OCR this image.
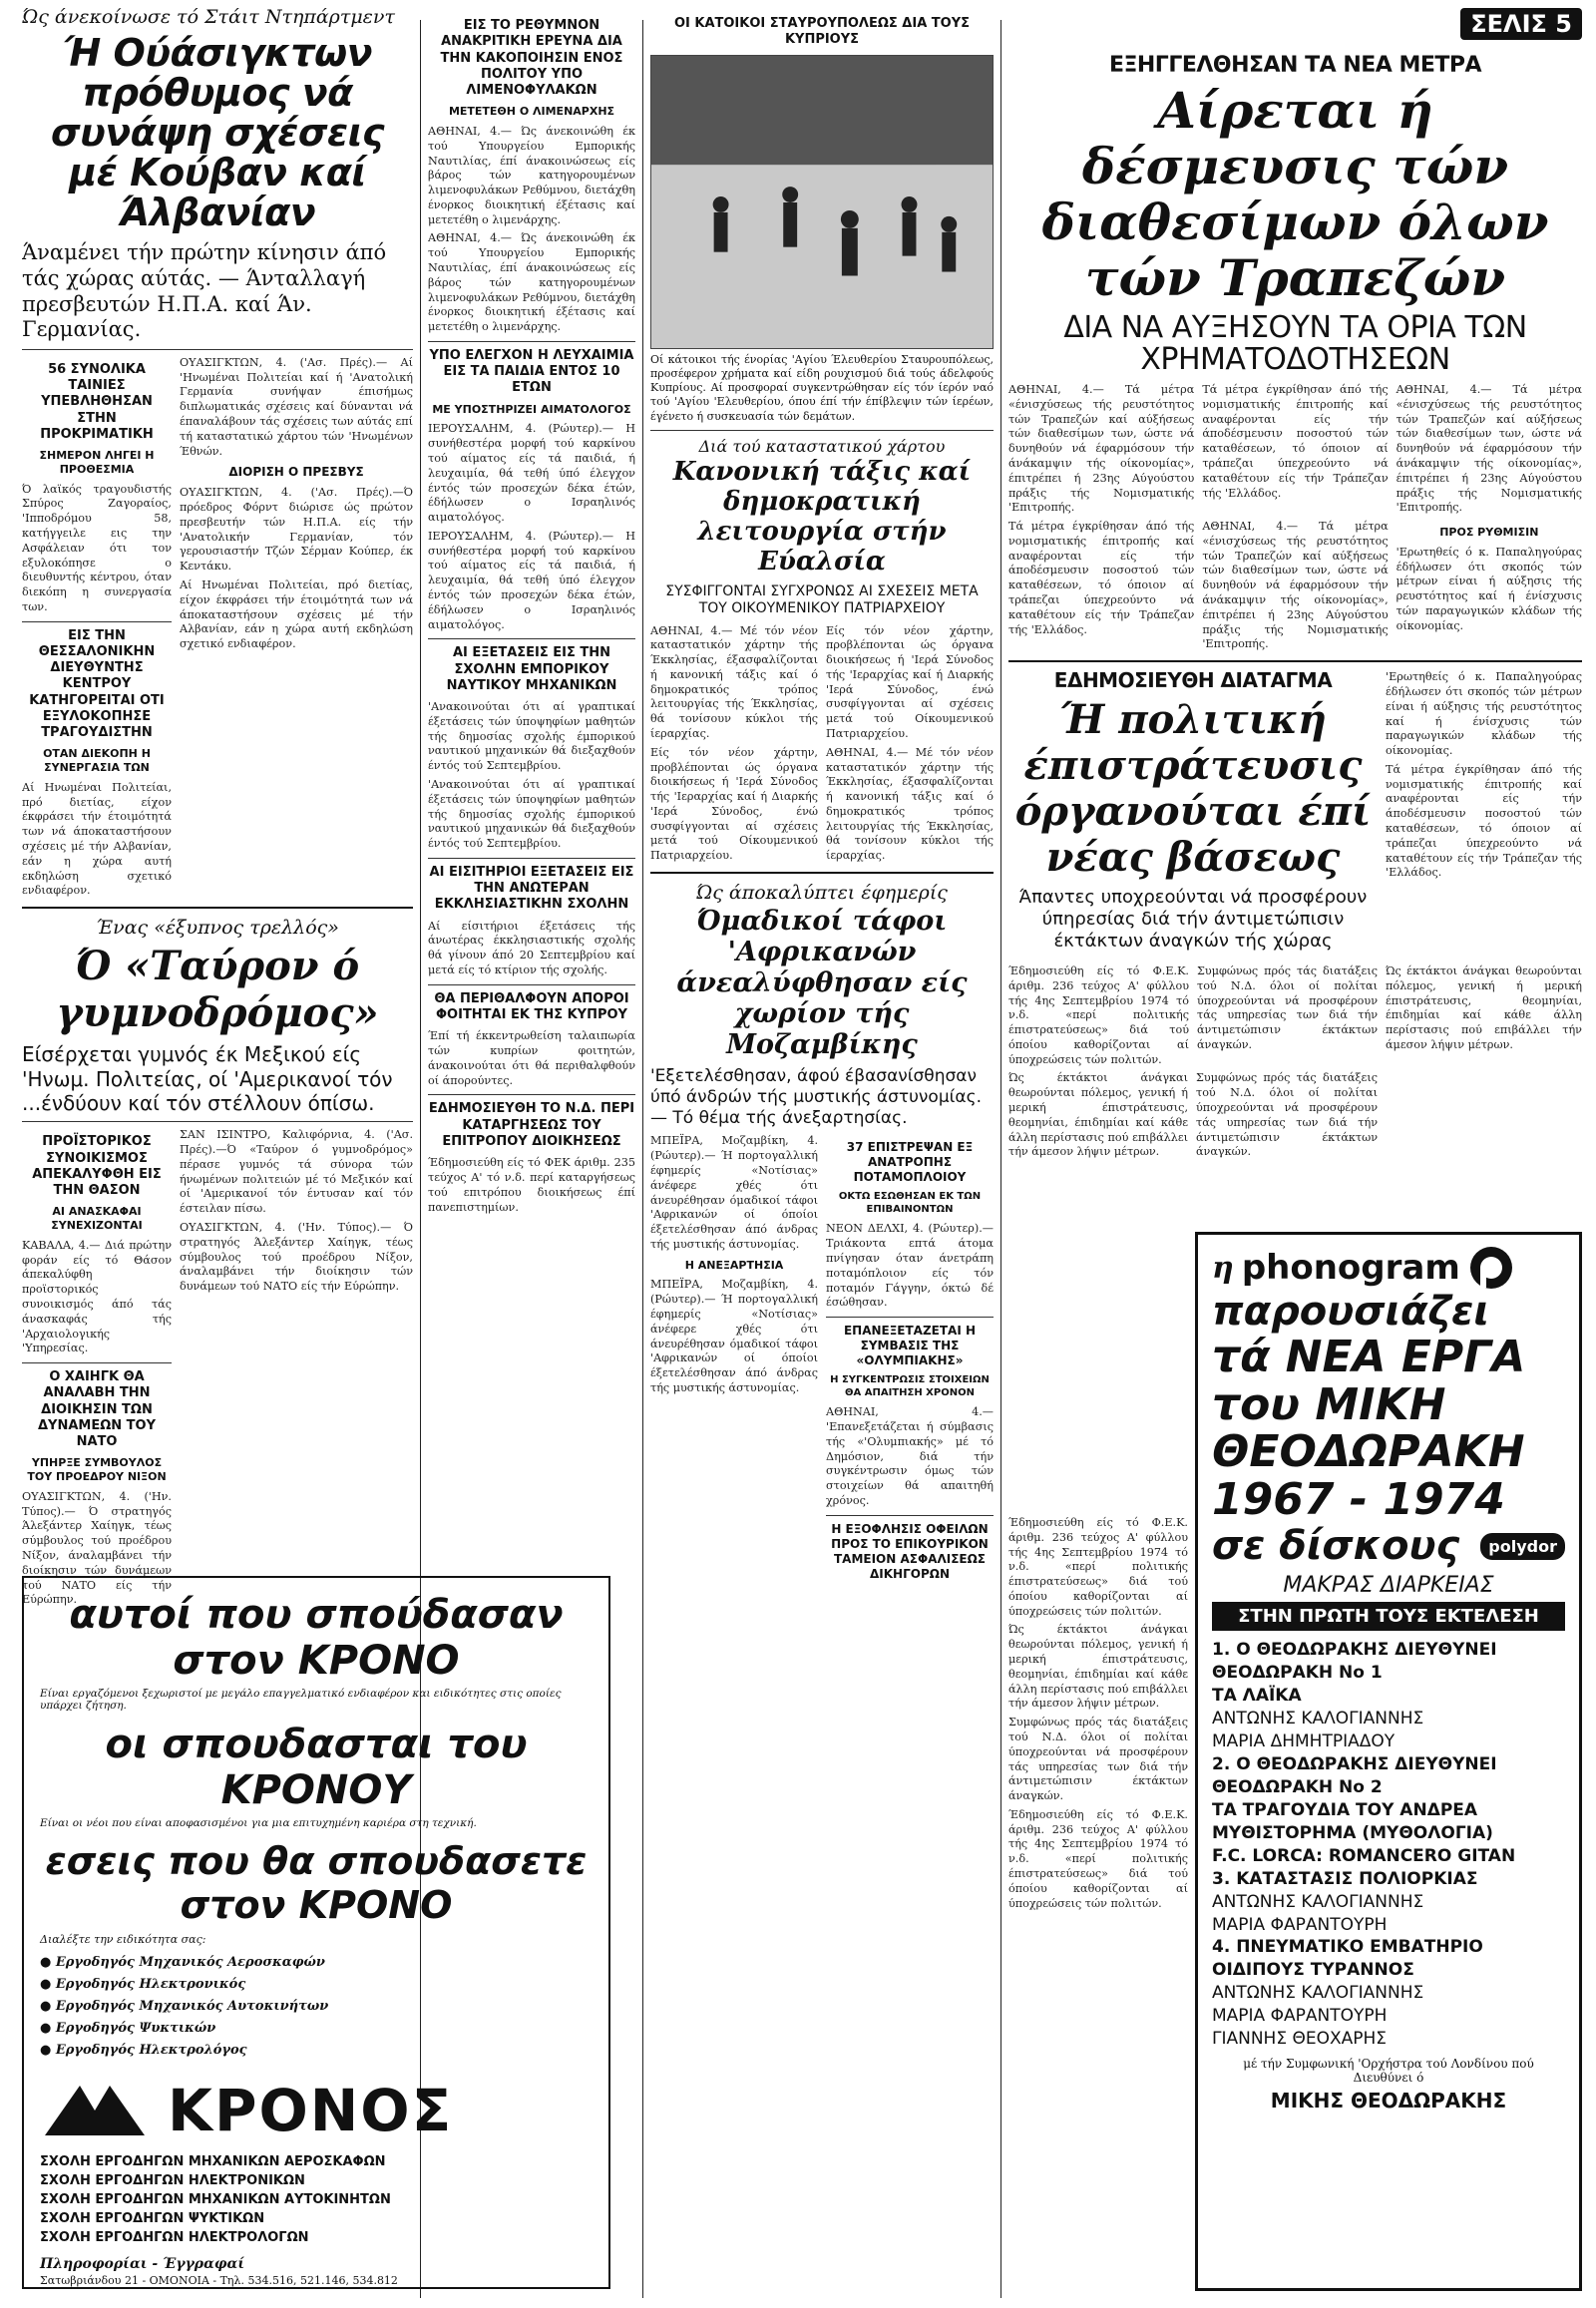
Ώς άνεκοίνωσε τό Στάιτ Ντηπάρτμεντ
Ή Ούάσιγκτων πρόθυμος νά συνάψη σχέσεις μέ Κούβαν καί Άλβανίαν
Άναμένει τήν πρώτην κίνησιν άπό τάς χώρας αύτάς. — Άνταλλαγή πρεσβευτών Η.Π.Α. καί Άν. Γερμανίας.
56 ΣΥΝΟΛΙΚΑ ΤΑΙΝΙΕΣ ΥΠΕΒΛΗΘΗΣΑΝ ΣΤΗΝ ΠΡΟΚΡΙΜΑΤΙΚΗ
ΣΗΜΕΡΟΝ ΛΗΓΕΙ Η ΠΡΟΘΕΣΜΙΑ
Ό λαϊκός τραγουδιστής Σπύρος Ζαγοραίος, 'Ιπποδρόμου 58, κατήγγειλε εις την Ασφάλειαν ότι τον εξυλοκόπησε ο διευθυντής κέντρου, όταν διεκόπη η συνεργασία των.
ΕΙΣ ΤΗΝ ΘΕΣΣΑΛΟΝΙΚΗΝ ΔΙΕΥΘΥΝΤΗΣ ΚΕΝΤΡΟΥ ΚΑΤΗΓΟΡΕΙΤΑΙ ΟΤΙ ΕΞΥΛΟΚΟΠΗΣΕ ΤΡΑΓΟΥΔΙΣΤΗΝ
ΟΤΑΝ ΔΙΕΚΟΠΗ Η ΣΥΝΕΡΓΑΣΙΑ ΤΩΝ
Αί Ηνωμέναι Πολιτείαι, πρό διετίας, είχον έκφράσει τήν έτοιμότητά των νά άποκαταστήσουν σχέσεις μέ τήν Αλβανίαν, εάν η χώρα αυτή εκδηλώση σχετικό ενδιαφέρον.
ΟΥΑΣΙΓΚΤΩΝ, 4. ('Ασ. Πρές).— Αί 'Ηνωμέναι Πολιτείαι καί ή 'Ανατολική Γερμανία συνήψαν έπισήμως διπλωματικάς σχέσεις καί δύνανται νά έπαναλάβουν τάς σχέσεις των αύτάς επί τή καταστατικώ χάρτου τών 'Ηνωμένων Έθνών.
ΔΙΟΡΙΣΗ Ο ΠΡΕΣΒΥΣ
ΟΥΑΣΙΓΚΤΩΝ, 4. ('Ασ. Πρές).—Ό πρόεδρος Φόρντ διώρισε ώς πρώτον πρεσβευτήν τών Η.Π.Α. είς τήν 'Ανατολικήν Γερμανίαν, τόν γερουσιαστήν Τζών Σέρμαν Κούπερ, έκ Κεντάκυ.
Αί Ηνωμέναι Πολιτείαι, πρό διετίας, είχον έκφράσει τήν έτοιμότητά των νά άποκαταστήσουν σχέσεις μέ τήν Αλβανίαν, εάν η χώρα αυτή εκδηλώση σχετικό ενδιαφέρον.
Ένας «έξυπνος τρελλός»
Ό «Ταύρον ό γυμνοδρόμος»
Είσέρχεται γυμνός έκ Μεξικού είς 'Ηνωμ. Πολιτείας, οί 'Αμερικανοί τόν ...ένδύουν καί τόν στέλλουν όπίσω.
ΠΡΟΪΣΤΟΡΙΚΟΣ ΣΥΝΟΙΚΙΣΜΟΣ ΑΠΕΚΑΛΥΦΘΗ ΕΙΣ ΤΗΝ ΘΑΣΟΝ
ΑΙ ΑΝΑΣΚΑΦΑΙ ΣΥΝΕΧΙΖΟΝΤΑΙ
ΚΑΒΑΛΑ, 4.— Διά πρώτην φοράν είς τό Θάσον άπεκαλύφθη προϊστορικός συνοικισμός άπό τάς άνασκαφάς τής 'Αρχαιολογικής 'Υπηρεσίας.
Ο ΧΑΙΗΓΚ ΘΑ ΑΝΑΛΑΒΗ ΤΗΝ ΔΙΟΙΚΗΣΙΝ ΤΩΝ ΔΥΝΑΜΕΩΝ ΤΟΥ ΝΑΤΟ
ΥΠΗΡΞΕ ΣΥΜΒΟΥΛΟΣ ΤΟΥ ΠΡΟΕΔΡΟΥ ΝΙΞΟΝ
ΟΥΑΣΙΓΚΤΩΝ, 4. ('Ην. Τύπος).— Ό στρατηγός Άλεξάντερ Χαίηγκ, τέως σύμβουλος τού προέδρου Νίξον, άναλαμβάνει τήν διοίκησιν τών δυνάμεων τού ΝΑΤΟ είς τήν Εύρώπην.
ΣΑΝ ΙΣΙΝΤΡΟ, Καλιφόρνια, 4. ('Ασ. Πρές).—Ό «Ταύρον ό γυμνοδρόμος» πέρασε γυμνός τά σύνορα τών ήνωμένων πολιτειών μέ τό Μεξικόν καί οί 'Αμερικανοί τόν έντυσαν καί τόν έστειλαν πίσω.
ΟΥΑΣΙΓΚΤΩΝ, 4. ('Ην. Τύπος).— Ό στρατηγός Άλεξάντερ Χαίηγκ, τέως σύμβουλος τού προέδρου Νίξον, άναλαμβάνει τήν διοίκησιν τών δυνάμεων τού ΝΑΤΟ είς τήν Εύρώπην.
ΕΙΣ ΤΟ ΡΕΘΥΜΝΟΝ ΑΝΑΚΡΙΤΙΚΗ ΕΡΕΥΝΑ ΔΙΑ ΤΗΝ ΚΑΚΟΠΟΙΗΣΙΝ ΕΝΟΣ ΠΟΛΙΤΟΥ ΥΠΟ ΛΙΜΕΝΟΦΥΛΑΚΩΝ
ΜΕΤΕΤΕΘΗ Ο ΛΙΜΕΝΑΡΧΗΣ
ΑΘΗΝΑΙ, 4.— Ώς άνεκοινώθη έκ τού Υπουργείου Εμπορικής Ναυτιλίας, έπί άνακοινώσεως είς βάρος τών κατηγορουμένων λιμενοφυλάκων Ρεθύμνου, διετάχθη ένορκος διοικητική έξέτασις καί μετετέθη ο λιμενάρχης.
ΑΘΗΝΑΙ, 4.— Ώς άνεκοινώθη έκ τού Υπουργείου Εμπορικής Ναυτιλίας, έπί άνακοινώσεως είς βάρος τών κατηγορουμένων λιμενοφυλάκων Ρεθύμνου, διετάχθη ένορκος διοικητική έξέτασις καί μετετέθη ο λιμενάρχης.
ΥΠΟ ΕΛΕΓΧΟΝ Η ΛΕΥΧΑΙΜΙΑ ΕΙΣ ΤΑ ΠΑΙΔΙΑ ΕΝΤΟΣ 10 ΕΤΩΝ
ΜΕ ΥΠΟΣΤΗΡΙΖΕΙ ΑΙΜΑΤΟΛΟΓΟΣ
ΙΕΡΟΥΣΑΛΗΜ, 4. (Ρώυτερ).— Η συνήθεστέρα μορφή τού καρκίνου τού αίματος είς τά παιδιά, ή λευχαιμία, θά τεθή ύπό έλεγχον έντός τών προσεχών δέκα έτών, έδήλωσεν ο Ισραηλινός αιματολόγος.
ΙΕΡΟΥΣΑΛΗΜ, 4. (Ρώυτερ).— Η συνήθεστέρα μορφή τού καρκίνου τού αίματος είς τά παιδιά, ή λευχαιμία, θά τεθή ύπό έλεγχον έντός τών προσεχών δέκα έτών, έδήλωσεν ο Ισραηλινός αιματολόγος.
ΑΙ ΕΞΕΤΑΣΕΙΣ ΕΙΣ ΤΗΝ ΣΧΟΛΗΝ ΕΜΠΟΡΙΚΟΥ ΝΑΥΤΙΚΟΥ ΜΗΧΑΝΙΚΩΝ
'Ανακοινούται ότι αί γραπτικαί έξετάσεις τών ύποψηφίων μαθητών τής δημοσίας σχολής έμπορικού ναυτικού μηχανικών θά διεξαχθούν έντός τού Σεπτεμβρίου.
'Ανακοινούται ότι αί γραπτικαί έξετάσεις τών ύποψηφίων μαθητών τής δημοσίας σχολής έμπορικού ναυτικού μηχανικών θά διεξαχθούν έντός τού Σεπτεμβρίου.
ΑΙ ΕΙΣΙΤΗΡΙΟΙ ΕΞΕΤΑΣΕΙΣ ΕΙΣ ΤΗΝ ΑΝΩΤΕΡΑΝ ΕΚΚΛΗΣΙΑΣΤΙΚΗΝ ΣΧΟΛΗΝ
Αί είσιτήριοι έξετάσεις τής άνωτέρας έκκλησιαστικής σχολής θά γίνουν άπό 20 Σεπτεμβρίου καί μετά είς τό κτίριον τής σχολής.
ΘΑ ΠΕΡΙΘΑΛΦΟΥΝ ΑΠΟΡΟΙ ΦΟΙΤΗΤΑΙ ΕΚ ΤΗΣ ΚΥΠΡΟΥ
Έπί τή έκκεντρωθείση ταλαιπωρία τών κυπρίων φοιτητών, άνακοινούται ότι θά περιθαλφθούν οί άπορούντες.
ΕΔΗΜΟΣΙΕΥΘΗ ΤΟ Ν.Δ. ΠΕΡΙ ΚΑΤΑΡΓΗΣΕΩΣ ΤΟΥ ΕΠΙΤΡΟΠΟΥ ΔΙΟΙΚΗΣΕΩΣ
Έδημοσιεύθη είς τό ΦΕΚ άριθμ. 235 τεύχος Α' τό ν.δ. περί καταργήσεως τού επιτρόπου διοικήσεως έπί πανεπιστημίων.
ΟΙ ΚΑΤΟΙΚΟΙ ΣΤΑΥΡΟΥΠΟΛΕΩΣ ΔΙΑ ΤΟΥΣ ΚΥΠΡΙΟΥΣ
Οί κάτοικοι τής ένορίας 'Αγίου Έλευθερίου Σταυρουπόλεως, προσέφερον χρήματα καί είδη ρουχισμού διά τούς άδελφούς Κυπρίους. Αί προσφοραί συγκεντρώθησαν είς τόν ίερόν ναό τού 'Αγίου 'Ελευθερίου, όπου έπί τήν έπίβλεψιν τών ίερέων, έγένετο ή συσκευασία τών δεμάτων.
Διά τού καταστατικού χάρτου
Κανονική τάξις καί δημοκρατική λειτουργία στήν Εύαλσία
ΣΥΣΦΙΓΓΟΝΤΑΙ ΣΥΓΧΡΟΝΩΣ ΑΙ ΣΧΕΣΕΙΣ ΜΕΤΑ ΤΟΥ ΟΙΚΟΥΜΕΝΙΚΟΥ ΠΑΤΡΙΑΡΧΕΙΟΥ
ΑΘΗΝΑΙ, 4.— Μέ τόν νέον καταστατικόν χάρτην τής Έκκλησίας, έξασφαλίζονται ή κανονική τάξις καί ό δημοκρατικός τρόπος λειτουργίας τής Έκκλησίας, θά τονίσουν κύκλοι τής ίεραρχίας.
Είς τόν νέον χάρτην, προβλέπονται ώς όργανα διοικήσεως ή 'Ιερά Σύνοδος τής 'Ιεραρχίας καί ή Διαρκής 'Ιερά Σύνοδος, ένώ συσφίγγονται αί σχέσεις μετά τού Οίκουμενικού Πατριαρχείου.
Είς τόν νέον χάρτην, προβλέπονται ώς όργανα διοικήσεως ή 'Ιερά Σύνοδος τής 'Ιεραρχίας καί ή Διαρκής 'Ιερά Σύνοδος, ένώ συσφίγγονται αί σχέσεις μετά τού Οίκουμενικού Πατριαρχείου.
ΑΘΗΝΑΙ, 4.— Μέ τόν νέον καταστατικόν χάρτην τής Έκκλησίας, έξασφαλίζονται ή κανονική τάξις καί ό δημοκρατικός τρόπος λειτουργίας τής Έκκλησίας, θά τονίσουν κύκλοι τής ίεραρχίας.
Ώς άποκαλύπτει έφημερίς
Όμαδικοί τάφοι 'Αφρικανών άνεαλύφθησαν είς χωρίον τής Μοζαμβίκης
'Εξετελέσθησαν, άφού έβασανίσθησαν ύπό άνδρών τής μυστικής άστυνομίας.— Τό θέμα τής άνεξαρτησίας.
ΜΠΕΪΡΑ, Μοζαμβίκη, 4. (Ρώυτερ).— Ή πορτογαλλική έφημερίς «Νοτίσιας» άνέφερε χθές ότι άνευρέθησαν όμαδικοί τάφοι 'Αφρικανών οί όποίοι έξετελέσθησαν άπό άνδρας τής μυστικής άστυνομίας.
Η ΑΝΕΞΑΡΤΗΣΙΑ
ΜΠΕΪΡΑ, Μοζαμβίκη, 4. (Ρώυτερ).— Ή πορτογαλλική έφημερίς «Νοτίσιας» άνέφερε χθές ότι άνευρέθησαν όμαδικοί τάφοι 'Αφρικανών οί όποίοι έξετελέσθησαν άπό άνδρας τής μυστικής άστυνομίας.
37 ΕΠΙΣΤΡΕΨΑΝ ΕΞ ΑΝΑΤΡΟΠΗΣ ΠΟΤΑΜΟΠΛΟΙΟΥ
ΟΚΤΩ ΕΣΩΘΗΣΑΝ ΕΚ ΤΩΝ ΕΠΙΒΑΙΝΟΝΤΩΝ
ΝΕΟΝ ΔΕΛΧΙ, 4. (Ρώυτερ).— Τριάκοντα επτά άτομα πνίγησαν όταν άνετράπη ποταμόπλοιον είς τόν ποταμόν Γάγγην, όκτώ δέ έσώθησαν.
ΕΠΑΝΕΞΕΤΑΖΕΤΑΙ Η ΣΥΜΒΑΣΙΣ ΤΗΣ «ΟΛΥΜΠΙΑΚΗΣ»
Η ΣΥΓΚΕΝΤΡΩΣΙΣ ΣΤΟΙΧΕΙΩΝ ΘΑ ΑΠΑΙΤΗΣΗ ΧΡΟΝΟΝ
ΑΘΗΝΑΙ, 4.— 'Επανεξετάζεται ή σύμβασις τής «'Ολυμπιακής» μέ τό Δημόσιον, διά τήν συγκέντρωσιν όμως τών στοιχείων θά απαιτηθή χρόνος.
Η ΕΞΟΦΛΗΣΙΣ ΟΦΕΙΛΩΝ ΠΡΟΣ ΤΟ ΕΠΙΚΟΥΡΙΚΟΝ ΤΑΜΕΙΟΝ ΑΣΦΑΛΙΣΕΩΣ ΔΙΚΗΓΟΡΩΝ
ΣΕΛΙΣ 5
ΕΞΗΓΓΕΛΘΗΣΑΝ ΤΑ ΝΕΑ ΜΕΤΡΑ
Αίρεται ή δέσμευσις τών διαθεσίμων όλων τών Τραπεζών
ΔΙΑ ΝΑ ΑΥΞΗΣΟΥΝ ΤΑ ΟΡΙΑ ΤΩΝ ΧΡΗΜΑΤΟΔΟΤΗΣΕΩΝ
ΑΘΗΝΑΙ, 4.— Τά μέτρα «ένισχύσεως τής ρευστότητος τών Τραπεζών καί αύξήσεως τών διαθεσίμων των, ώστε νά δυνηθούν νά έφαρμόσουν τήν άνάκαμψιν τής οίκονομίας», έπιτρέπει ή 23ης Αύγούστου πράξις τής Νομισματικής 'Επιτροπής.
Τά μέτρα έγκρίθησαν άπό τής νομισματικής έπιτροπής καί αναφέρονται είς τήν άποδέσμευσιν ποσοστού τών καταθέσεων, τό όποιον αί τράπεζαι ύπεχρεούντο νά καταθέτουν είς τήν Τράπεζαν τής 'Ελλάδος.
ΑΘΗΝΑΙ, 4.— Τά μέτρα «ένισχύσεως τής ρευστότητος τών Τραπεζών καί αύξήσεως τών διαθεσίμων των, ώστε νά δυνηθούν νά έφαρμόσουν τήν άνάκαμψιν τής οίκονομίας», έπιτρέπει ή 23ης Αύγούστου πράξις τής Νομισματικής 'Επιτροπής.
Τά μέτρα έγκρίθησαν άπό τής νομισματικής έπιτροπής καί αναφέρονται είς τήν άποδέσμευσιν ποσοστού τών καταθέσεων, τό όποιον αί τράπεζαι ύπεχρεούντο νά καταθέτουν είς τήν Τράπεζαν τής 'Ελλάδος.
ΑΘΗΝΑΙ, 4.— Τά μέτρα «ένισχύσεως τής ρευστότητος τών Τραπεζών καί αύξήσεως τών διαθεσίμων των, ώστε νά δυνηθούν νά έφαρμόσουν τήν άνάκαμψιν τής οίκονομίας», έπιτρέπει ή 23ης Αύγούστου πράξις τής Νομισματικής 'Επιτροπής.
ΠΡΟΣ ΡΥΘΜΙΣΙΝ
'Ερωτηθείς ό κ. Παπαληγούρας έδήλωσεν ότι σκοπός τών μέτρων είναι ή αύξησις τής ρευστότητος καί ή ένίσχυσις τών παραγωγικών κλάδων τής οίκονομίας.
ΕΔΗΜΟΣΙΕΥΘΗ ΔΙΑΤΑΓΜΑ
Ή πολιτική έπιστράτευσις όργανούται έπί νέας βάσεως
Άπαντες υποχρεούνται νά προσφέρουν ύπηρεσίας διά τήν άντιμετώπισιν έκτάκτων άναγκών τής χώρας
'Ερωτηθείς ό κ. Παπαληγούρας έδήλωσεν ότι σκοπός τών μέτρων είναι ή αύξησις τής ρευστότητος καί ή ένίσχυσις τών παραγωγικών κλάδων τής οίκονομίας.
Τά μέτρα έγκρίθησαν άπό τής νομισματικής έπιτροπής καί αναφέρονται είς τήν άποδέσμευσιν ποσοστού τών καταθέσεων, τό όποιον αί τράπεζαι ύπεχρεούντο νά καταθέτουν είς τήν Τράπεζαν τής 'Ελλάδος.
Έδημοσιεύθη είς τό Φ.Ε.Κ. άριθμ. 236 τεύχος Α' φύλλου τής 4ης Σεπτεμβρίου 1974 τό ν.δ. «περί πολιτικής έπιστρατεύσεως» διά τού όποίου καθορίζονται αί ύποχρεώσεις τών πολιτών.
Συμφώνως πρός τάς διατάξεις τού Ν.Δ. όλοι οί πολίται ύποχρεούνται νά προσφέρουν τάς υπηρεσίας των διά τήν άντιμετώπισιν έκτάκτων άναγκών.
Ώς έκτάκτοι άνάγκαι θεωρούνται πόλεμος, γενική ή μερική έπιστράτευσις, θεομηνίαι, έπιδημίαι καί κάθε άλλη περίστασις πού επιβάλλει τήν άμεσον λήψιν μέτρων.
Ώς έκτάκτοι άνάγκαι θεωρούνται πόλεμος, γενική ή μερική έπιστράτευσις, θεομηνίαι, έπιδημίαι καί κάθε άλλη περίστασις πού επιβάλλει τήν άμεσον λήψιν μέτρων.
Συμφώνως πρός τάς διατάξεις τού Ν.Δ. όλοι οί πολίται ύποχρεούνται νά προσφέρουν τάς υπηρεσίας των διά τήν άντιμετώπισιν έκτάκτων άναγκών.
Έδημοσιεύθη είς τό Φ.Ε.Κ. άριθμ. 236 τεύχος Α' φύλλου τής 4ης Σεπτεμβρίου 1974 τό ν.δ. «περί πολιτικής έπιστρατεύσεως» διά τού όποίου καθορίζονται αί ύποχρεώσεις τών πολιτών.
Ώς έκτάκτοι άνάγκαι θεωρούνται πόλεμος, γενική ή μερική έπιστράτευσις, θεομηνίαι, έπιδημίαι καί κάθε άλλη περίστασις πού επιβάλλει τήν άμεσον λήψιν μέτρων.
Συμφώνως πρός τάς διατάξεις τού Ν.Δ. όλοι οί πολίται ύποχρεούνται νά προσφέρουν τάς υπηρεσίας των διά τήν άντιμετώπισιν έκτάκτων άναγκών.
Έδημοσιεύθη είς τό Φ.Ε.Κ. άριθμ. 236 τεύχος Α' φύλλου τής 4ης Σεπτεμβρίου 1974 τό ν.δ. «περί πολιτικής έπιστρατεύσεως» διά τού όποίου καθορίζονται αί ύποχρεώσεις τών πολιτών.
αυτοί που σπούδασαν στον ΚΡΟΝΟ
Είναι εργαζόμενοι ξεχωριστοί με μεγάλο επαγγελματικό ενδιαφέρον και ειδικότητες στις οποίες υπάρχει ζήτηση.
οι σπουδασται του ΚΡΟΝΟΥ
Είναι οι νέοι που είναι αποφασισμένοι για μια επιτυχημένη καριέρα στη τεχνική.
εσεις που θα σπουδασετε στον ΚΡΟΝΟ
Διαλέξτε την ειδικότητα σας:
● Εργοδηγός Μηχανικός Αεροσκαφών
● Εργοδηγός Ηλεκτρονικός
● Εργοδηγός Μηχανικός Αυτοκινήτων
● Εργοδηγός Ψυκτικών
● Εργοδηγός Ηλεκτρολόγος
ΚΡΟΝΟΣ
ΣΧΟΛΗ ΕΡΓΟΔΗΓΩΝ ΜΗΧΑΝΙΚΩΝ ΑΕΡΟΣΚΑΦΩΝ
ΣΧΟΛΗ ΕΡΓΟΔΗΓΩΝ ΗΛΕΚΤΡΟΝΙΚΩΝ
ΣΧΟΛΗ ΕΡΓΟΔΗΓΩΝ ΜΗΧΑΝΙΚΩΝ ΑΥΤΟΚΙΝΗΤΩΝ
ΣΧΟΛΗ ΕΡΓΟΔΗΓΩΝ ΨΥΚΤΙΚΩΝ
ΣΧΟΛΗ ΕΡΓΟΔΗΓΩΝ ΗΛΕΚΤΡΟΛΟΓΩΝ
Πληροφορίαι - Έγγραφαί
Σατωβριάνδου 21 - ΟΜΟΝΟΙΑ - Τηλ. 534.516, 521.146, 534.812
η phonogram
παρουσιάζει
τά ΝΕΑ ΕΡΓΑ
του ΜΙΚΗ
ΘΕΟΔΩΡΑΚΗ
1967 - 1974
σε δίσκους	polydor
ΜΑΚΡΑΣ ΔΙΑΡΚΕΙΑΣ
ΣΤΗΝ ΠΡΩΤΗ ΤΟΥΣ ΕΚΤΕΛΕΣΗ
1. Ο ΘΕΟΔΩΡΑΚΗΣ ΔΙΕΥΘΥΝΕΙ ΘΕΟΔΩΡΑΚΗ Νο 1
ΤΑ ΛΑΪΚΑ
ΑΝΤΩΝΗΣ ΚΑΛΟΓΙΑΝΝΗΣ
ΜΑΡΙΑ ΔΗΜΗΤΡΙΑΔΟΥ
2. Ο ΘΕΟΔΩΡΑΚΗΣ ΔΙΕΥΘΥΝΕΙ ΘΕΟΔΩΡΑΚΗ Νο 2
ΤΑ ΤΡΑΓΟΥΔΙΑ ΤΟΥ ΑΝΔΡΕΑ ΜΥΘΙΣΤΟΡΗΜΑ (ΜΥΘΟΛΟΓΙΑ)
F.C. LORCA: ROMANCERO GITAN
3. ΚΑΤΑΣΤΑΣΙΣ ΠΟΛΙΟΡΚΙΑΣ
ΑΝΤΩΝΗΣ ΚΑΛΟΓΙΑΝΝΗΣ
ΜΑΡΙΑ ΦΑΡΑΝΤΟΥΡΗ
4. ΠΝΕΥΜΑΤΙΚΟ ΕΜΒΑΤΗΡΙΟ
ΟΙΔΙΠΟΥΣ ΤΥΡΑΝΝΟΣ
ΑΝΤΩΝΗΣ ΚΑΛΟΓΙΑΝΝΗΣ
ΜΑΡΙΑ ΦΑΡΑΝΤΟΥΡΗ
ΓΙΑΝΝΗΣ ΘΕΟΧΑΡΗΣ
μέ τήν Συμφωνική 'Ορχήστρα τού Λονδίνου πού Διευθύνει ό
ΜΙΚΗΣ ΘΕΟΔΩΡΑΚΗΣ
